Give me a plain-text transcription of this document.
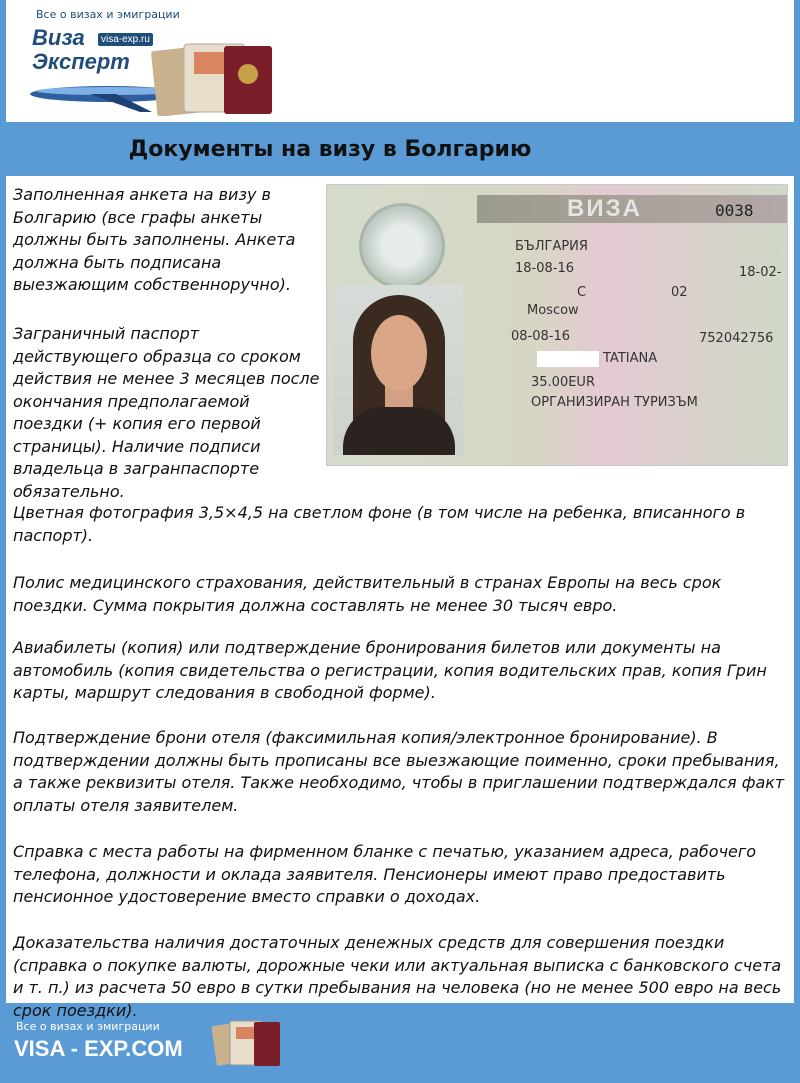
Все о визах и эмиграции
Виза
Эксперт
visa-exp.ru
Документы на визу в Болгарию
Заполненная анкета на визу в Болгарию (все графы анкеты должны быть заполнены. Анкета должна быть подписана выезжающим собственноручно).
Заграничный паспорт действующего образца со сроком действия не менее 3 месяцев после окончания предполагаемой поездки (+ копия его первой страницы). Наличие подписи владельца в загранпаспорте обязательно.
ВИЗА	0038
БЪЛГАРИЯ
18-08-16	18-02-
C	02
Moscow
08-08-16	752042756
TATIANA
35.00EUR
ОРГАНИЗИРАН ТУРИЗЪМ
Цветная фотография 3,5×4,5 на светлом фоне (в том числе на ребенка, вписанного в паспорт).
Полис медицинского страхования, действительный в странах Европы на весь срок поездки. Сумма покрытия должна составлять не менее 30 тысяч евро.
Авиабилеты (копия) или подтверждение бронирования билетов или документы на автомобиль (копия свидетельства о регистрации, копия водительских прав, копия Грин карты, маршрут следования в свободной форме).
Подтверждение брони отеля (факсимильная копия/электронное бронирование). В подтверждении должны быть прописаны все выезжающие поименно, сроки пребывания, а также реквизиты отеля. Также необходимо, чтобы в приглашении подтверждался факт оплаты отеля заявителем.
Справка с места работы на фирменном бланке с печатью, указанием адреса, рабочего телефона, должности и оклада заявителя. Пенсионеры имеют право предоставить пенсионное удостоверение вместо справки о доходах.
Доказательства наличия достаточных денежных средств для совершения поездки (справка о покупке валюты, дорожные чеки или актуальная выписка с банковского счета и т. п.) из расчета 50 евро в сутки пребывания на человека (но не менее 500 евро на весь срок поездки).
Все о визах и эмиграции
VISA - EXP.COM
